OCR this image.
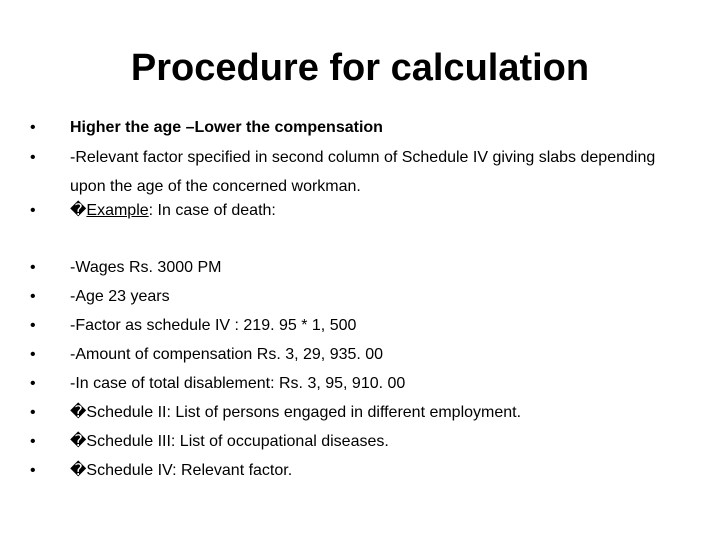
Procedure for calculation
•	Higher the age –Lower the compensation
•	-Relevant factor specified in second column of Schedule IV giving slabs depending upon the age of the concerned workman.
•	�Example: In case of death:
•	-Wages Rs. 3000 PM
•	-Age 23 years
•	-Factor as schedule IV : 219. 95 * 1, 500
•	-Amount of compensation Rs. 3, 29, 935. 00
•	-In case of total disablement: Rs. 3, 95, 910. 00
•	�Schedule II: List of persons engaged in different employment.
•	�Schedule III: List of occupational diseases.
•	�Schedule IV: Relevant factor.
